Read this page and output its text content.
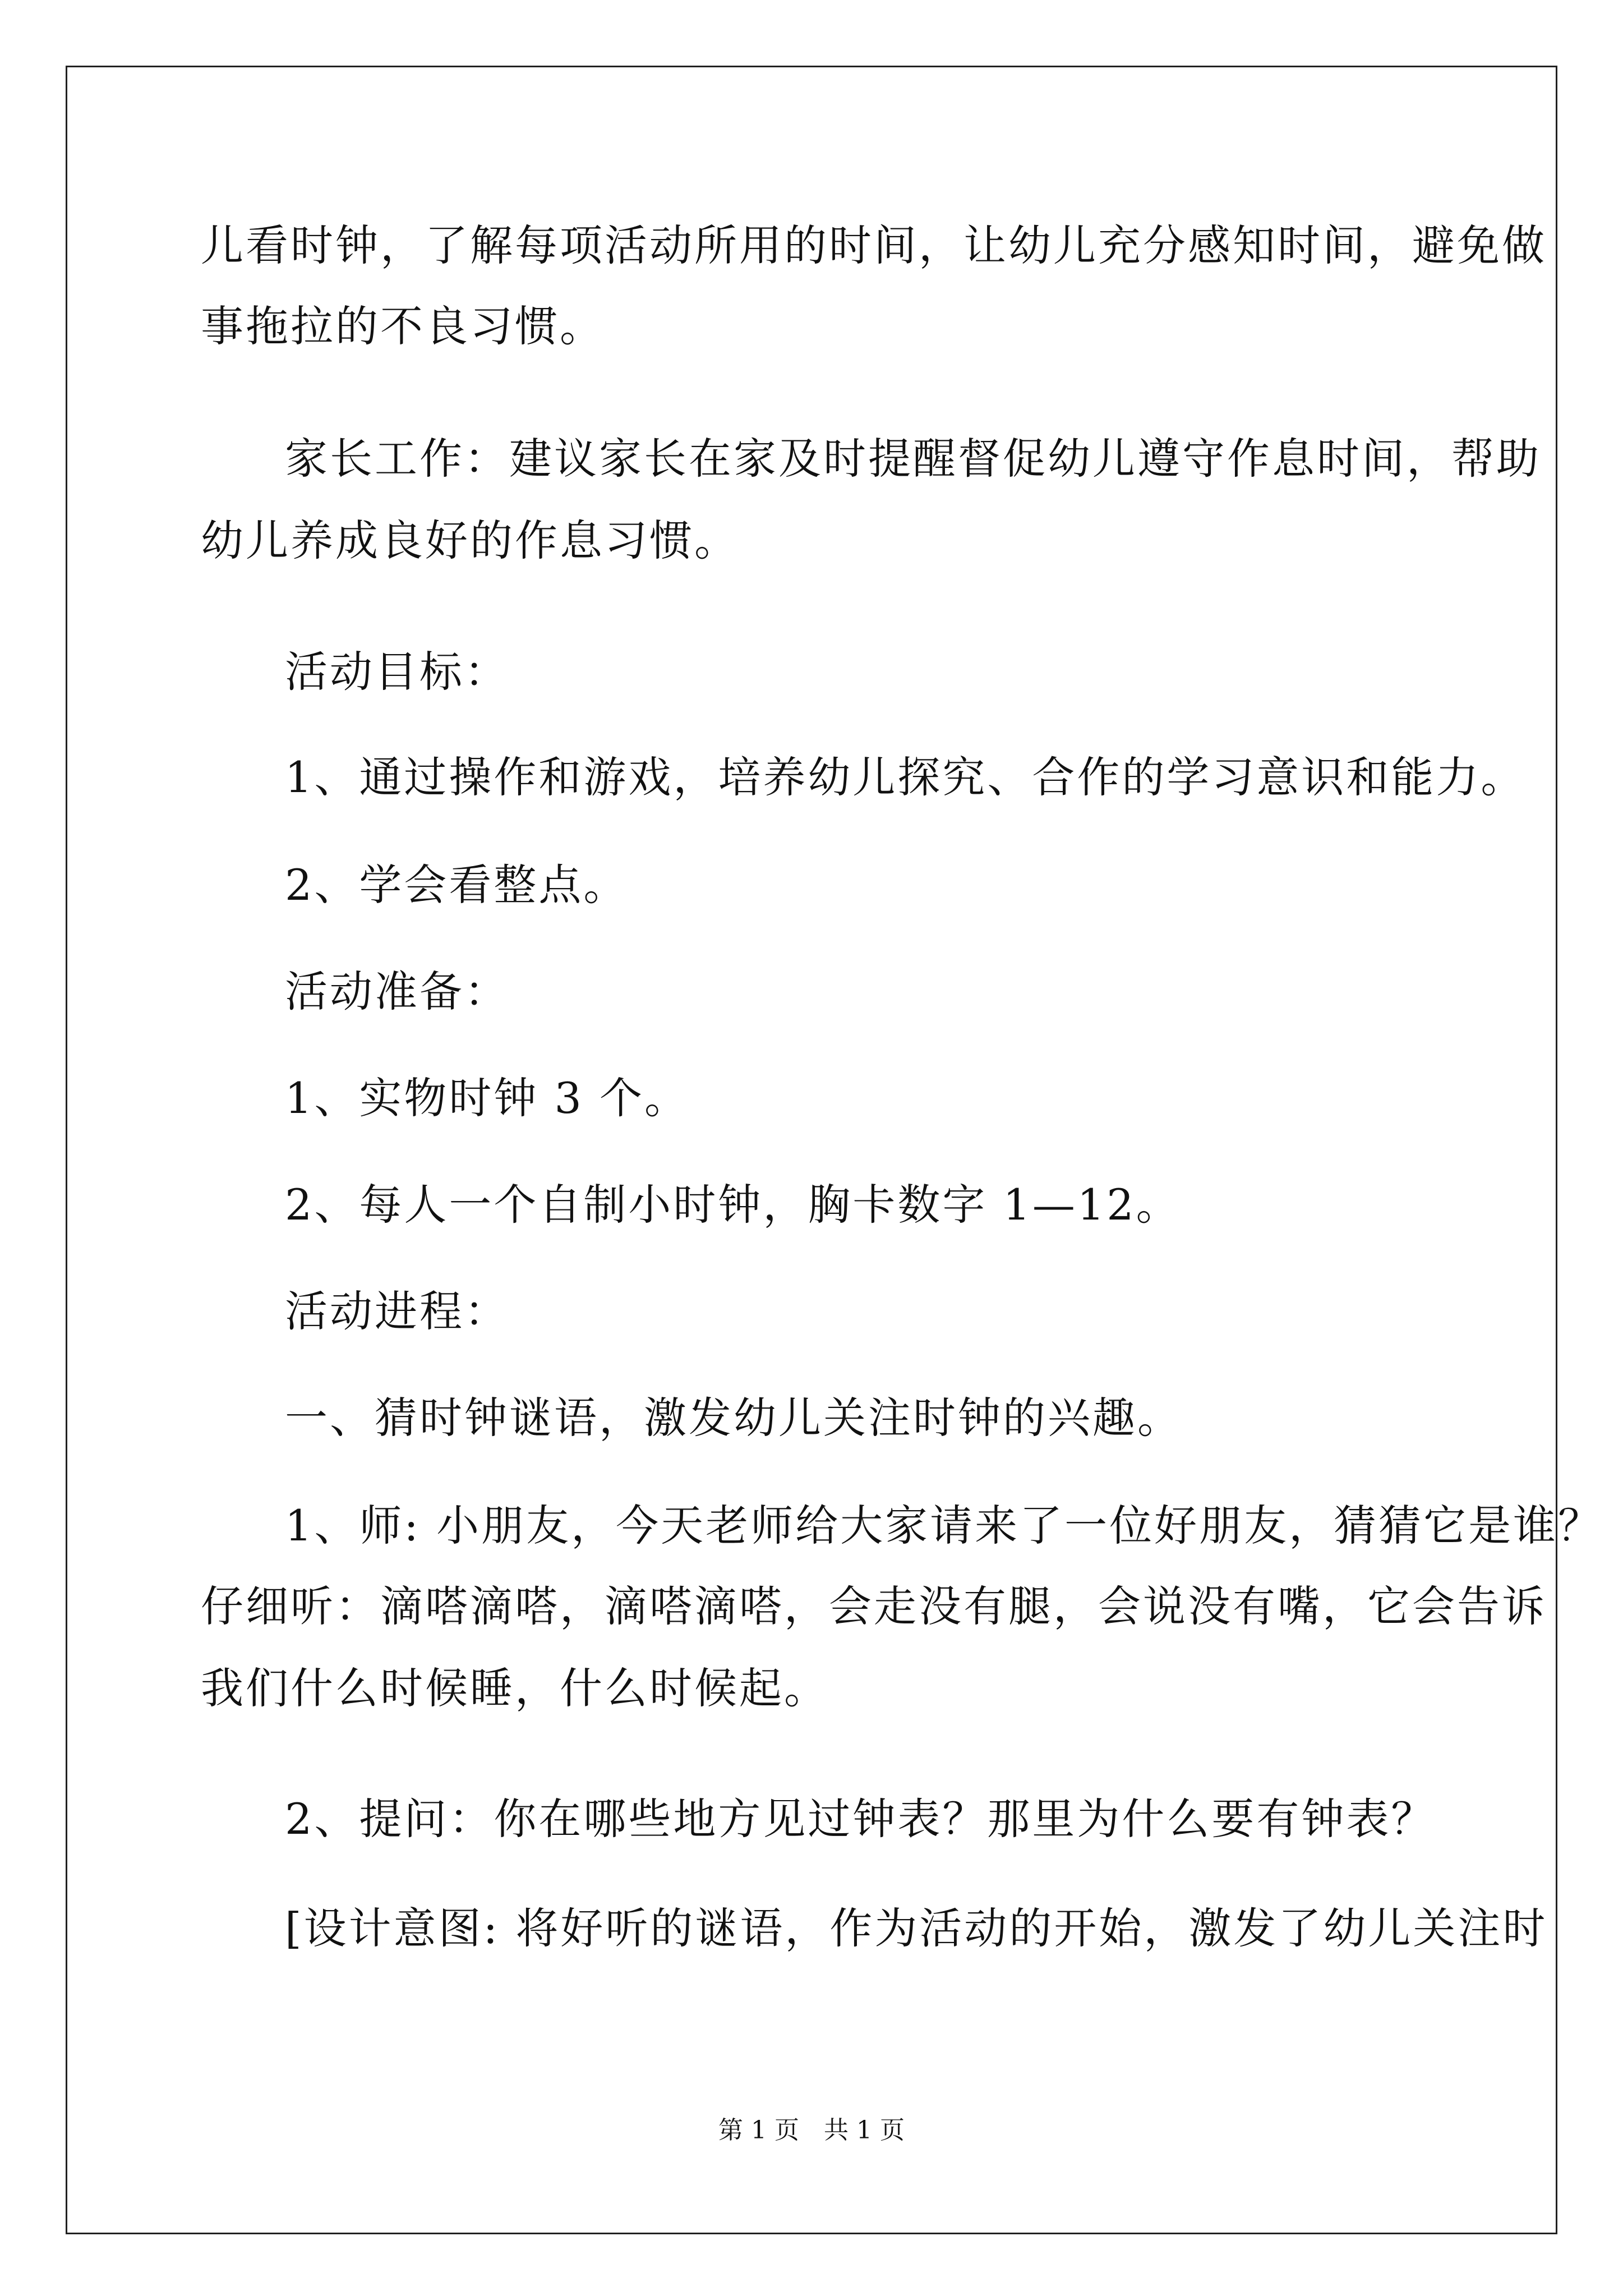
儿看时钟，了解每项活动所用的时间，让幼儿充分感知时间，避免做
事拖拉的不良习惯。
家长工作：建议家长在家及时提醒督促幼儿遵守作息时间，帮助
幼儿养成良好的作息习惯。
活动目标：
1、通过操作和游戏，培养幼儿探究、合作的学习意识和能力。
2、学会看整点。
活动准备：
1、实物时钟 3 个。
2、每人一个自制小时钟，胸卡数字 1—12。
活动进程：
一、猜时钟谜语，激发幼儿关注时钟的兴趣。
1、师: 小朋友，今天老师给大家请来了一位好朋友，猜猜它是谁？
仔细听：滴嗒滴嗒，滴嗒滴嗒，会走没有腿，会说没有嘴，它会告诉
我们什么时候睡，什么时候起。
2、提问：你在哪些地方见过钟表？那里为什么要有钟表？
[设计意图: 将好听的谜语，作为活动的开始，激发了幼儿关注时
第 1 页　共 1 页
